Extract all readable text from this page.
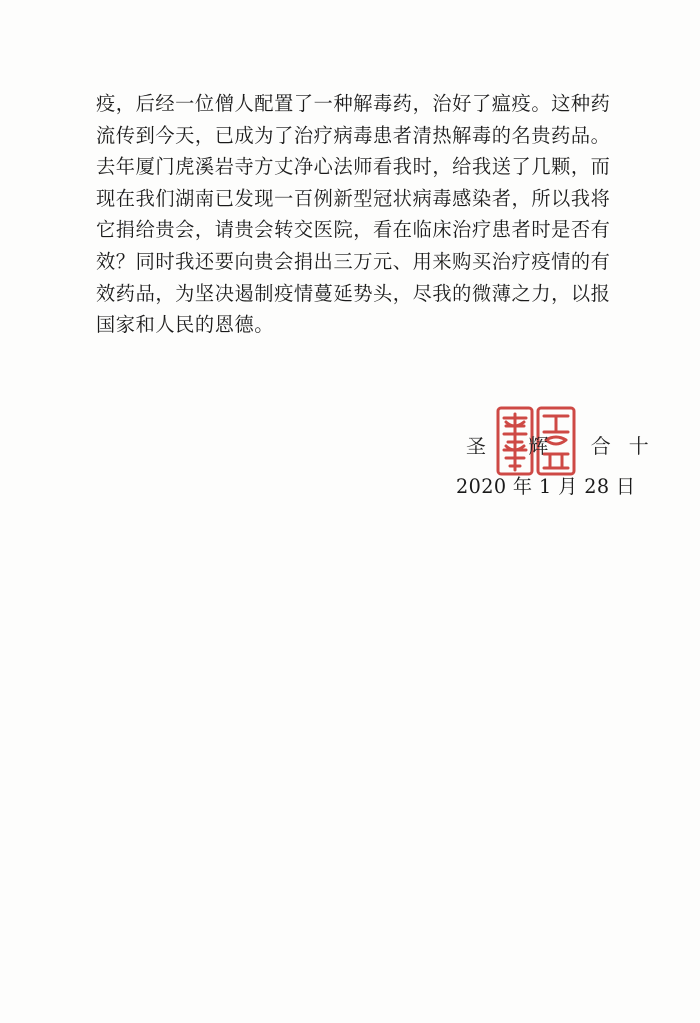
疫，后经一位僧人配置了一种解毒药，治好了瘟疫。这种药
流传到今天，已成为了治疗病毒患者清热解毒的名贵药品。
去年厦门虎溪岩寺方丈净心法师看我时，给我送了几颗，而
现在我们湖南已发现一百例新型冠状病毒感染者，所以我将
它捐给贵会，请贵会转交医院，看在临床治疗患者时是否有
效？同时我还要向贵会捐出三万元、用来购买治疗疫情的有
效药品，为坚决遏制疫情蔓延势头，尽我的微薄之力，以报
国家和人民的恩德。
圣 辉 合十
2020 年 1 月 28 日
